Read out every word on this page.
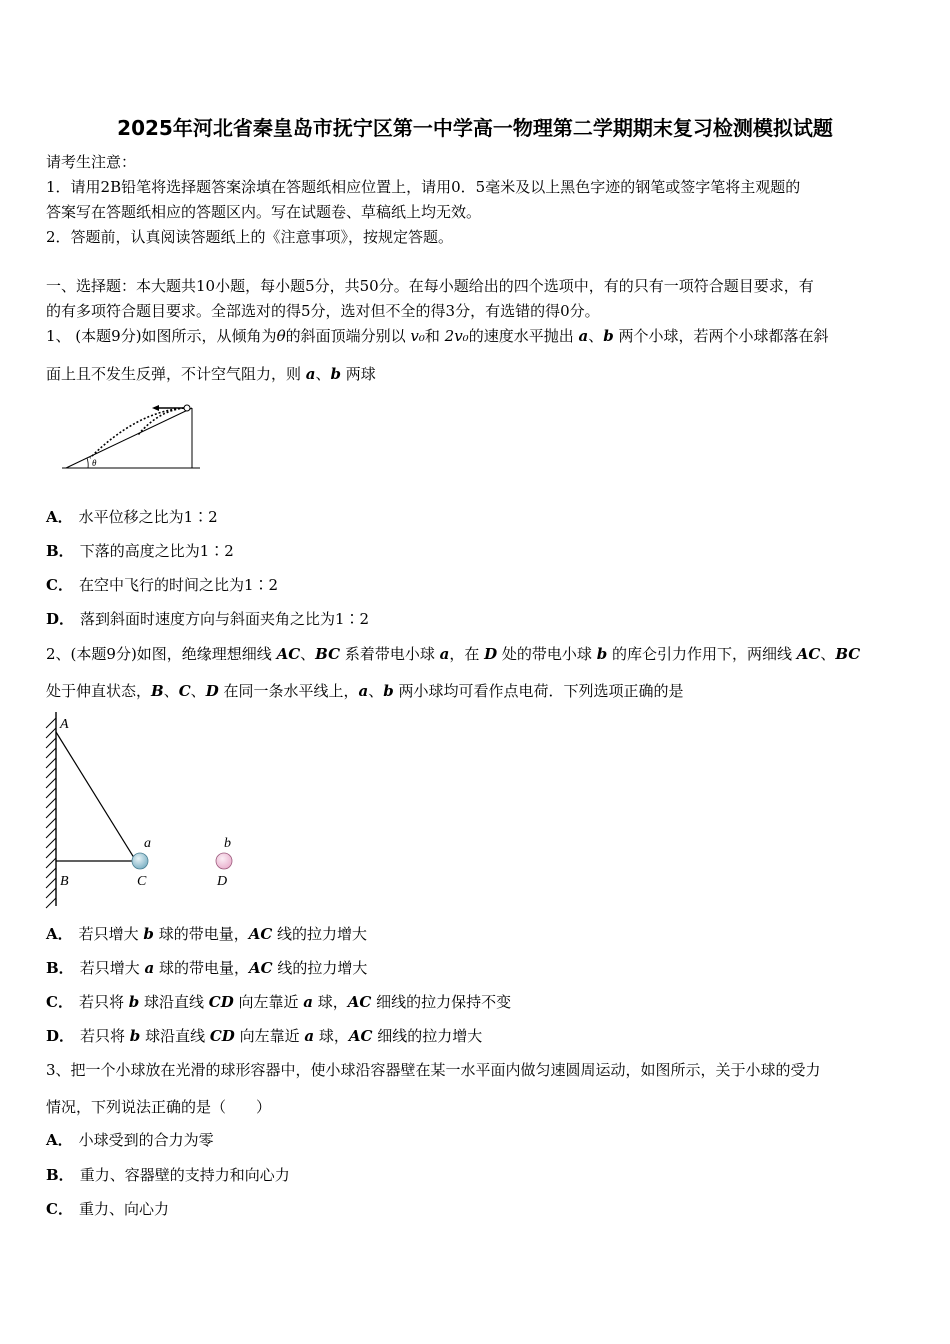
2025年河北省秦皇岛市抚宁区第一中学高一物理第二学期期末复习检测模拟试题
请考生注意：
1．请用2B铅笔将选择题答案涂填在答题纸相应位置上，请用0．5毫米及以上黑色字迹的钢笔或签字笔将主观题的
答案写在答题纸相应的答题区内。写在试题卷、草稿纸上均无效。
2．答题前，认真阅读答题纸上的《注意事项》，按规定答题。
一、选择题：本大题共10小题，每小题5分，共50分。在每小题给出的四个选项中，有的只有一项符合题目要求，有
的有多项符合题目要求。全部选对的得5分，选对但不全的得3分，有选错的得0分。
1、 (本题9分)如图所示，从倾角为θ的斜面顶端分别以 v₀和 2v₀的速度水平抛出 a、b 两个小球，若两个小球都落在斜
面上且不发生反弹，不计空气阻力，则 a、b 两球
θ
A． 水平位移之比为1∶2
B． 下落的高度之比为1∶2
C． 在空中飞行的时间之比为1∶2
D． 落到斜面时速度方向与斜面夹角之比为1∶2
2、(本题9分)如图，绝缘理想细线 AC、BC 系着带电小球 a，在 D 处的带电小球 b 的库仑引力作用下，两细线 AC、BC
处于伸直状态，B、C、D 在同一条水平线上，a、b 两小球均可看作点电荷．下列选项正确的是
A
B	C	D
a	b
A． 若只增大 b 球的带电量，AC 线的拉力增大
B． 若只增大 a 球的带电量，AC 线的拉力增大
C． 若只将 b 球沿直线 CD 向左靠近 a 球，AC 细线的拉力保持不变
D． 若只将 b 球沿直线 CD 向左靠近 a 球，AC 细线的拉力增大
3、把一个小球放在光滑的球形容器中，使小球沿容器壁在某一水平面内做匀速圆周运动，如图所示，关于小球的受力
情况，下列说法正确的是（　　）
A． 小球受到的合力为零
B． 重力、容器壁的支持力和向心力
C． 重力、向心力
